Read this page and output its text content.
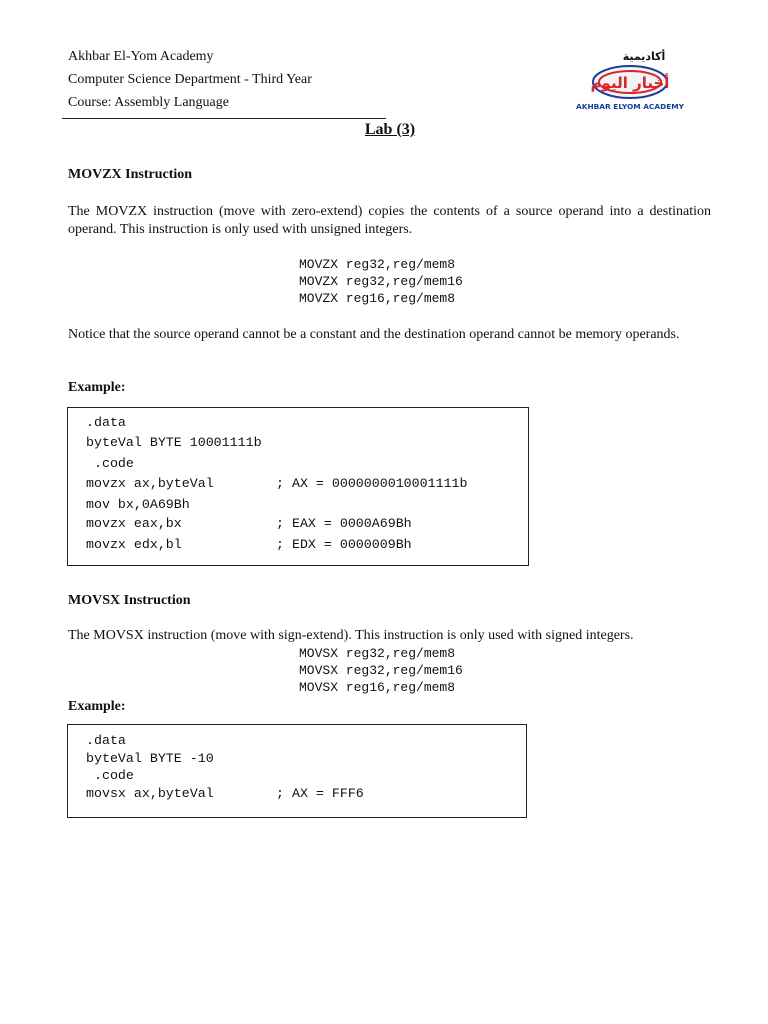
Akhbar El-Yom Academy
Computer Science Department - Third Year
Course: Assembly Language
أكاديمية
أخبار اليوم
AKHBAR ELYOM ACADEMY
Lab (3)
MOVZX Instruction
The MOVZX instruction (move with zero-extend) copies the contents of a source operand into a destination operand. This instruction is only used with unsigned integers.
MOVZX reg32,reg/mem8
MOVZX reg32,reg/mem16
MOVZX reg16,reg/mem8
Notice that the source operand cannot be a constant and the destination operand cannot be memory operands.
Example:
.data
byteVal BYTE 10001111b
.code
movzx ax,byteVal	; AX = 0000000010001111b
mov bx,0A69Bh
movzx eax,bx	; EAX = 0000A69Bh
movzx edx,bl	; EDX = 0000009Bh
MOVSX Instruction
The MOVSX instruction (move with sign-extend). This instruction is only used with signed integers.
MOVSX reg32,reg/mem8
MOVSX reg32,reg/mem16
MOVSX reg16,reg/mem8
Example:
.data
byteVal BYTE -10
.code
movsx ax,byteVal	; AX = FFF6
